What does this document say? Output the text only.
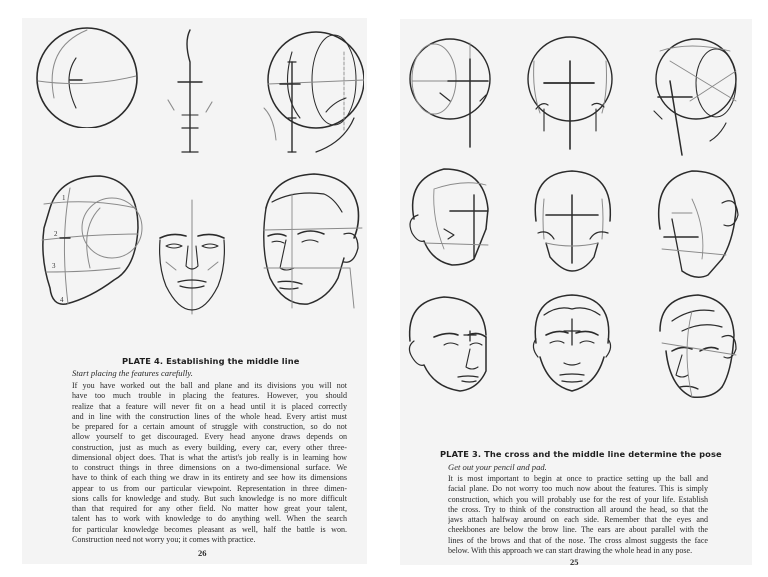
1
2
3
4
PLATE 4. Establishing the middle line
Start placing the features carefully.
If you have worked out the ball and plane and its divisions you will not
have too much trouble in placing the features. However, you should
realize that a feature will never fit on a head until it is placed correctly
and in line with the construction lines of the whole head. Every artist must
be prepared for a certain amount of struggle with construction, so do not
allow yourself to get discouraged. Every head anyone draws depends on
construction, just as much as every building, every car, every other three-
dimensional object does. That is what the artist's job really is in learning how
to construct things in three dimensions on a two-dimensional surface. We
have to think of each thing we draw in its entirety and see how its dimensions
appear to us from our particular viewpoint. Representation in three dimen-
sions calls for knowledge and study. But such knowledge is no more difficult
than that required for any other field. No matter how great your talent,
talent has to work with knowledge to do anything well. When the search
for particular knowledge becomes pleasant as well, half the battle is won.
Construction need not worry you; it comes with practice.
26
PLATE 3. The cross and the middle line determine the pose
Get out your pencil and pad.
It is most important to begin at once to practice setting up the ball and
facial plane. Do not worry too much now about the features. This is simply
construction, which you will probably use for the rest of your life. Establish
the cross. Try to think of the construction all around the head, so that the
jaws attach halfway around on each side. Remember that the eyes and
cheekbones are below the brow line. The ears are about parallel with the
lines of the brows and that of the nose. The cross almost suggests the face
below. With this approach we can start drawing the whole head in any pose.
25
